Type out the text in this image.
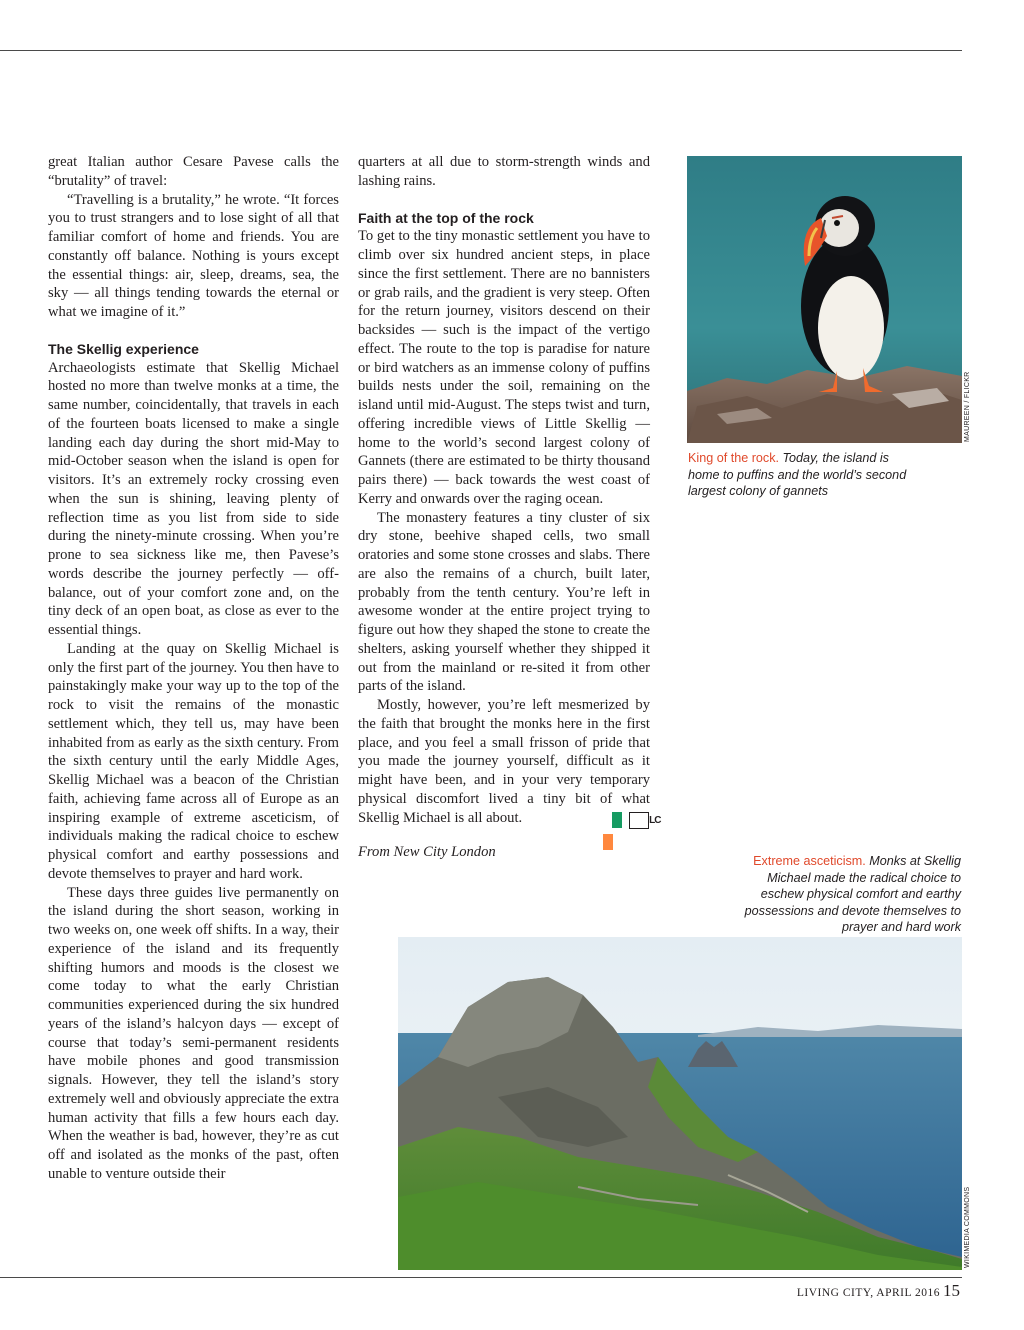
great Italian author Cesare Pavese calls the “brutality” of travel:

“Travelling is a brutality,” he wrote. “It forces you to trust strangers and to lose sight of all that familiar comfort of home and friends. You are constantly off balance. Nothing is yours except the essential things: air, sleep, dreams, sea, the sky — all things tending towards the eternal or what we imagine of it.”

The Skellig experience

Archaeologists estimate that Skellig Michael hosted no more than twelve monks at a time, the same number, coincidentally, that travels in each of the fourteen boats licensed to make a single landing each day during the short mid-May to mid-October season when the island is open for visitors. It’s an extremely rocky crossing even when the sun is shining, leaving plenty of reflection time as you list from side to side during the ninety-minute crossing. When you’re prone to sea sickness like me, then Pavese’s words describe the journey perfectly — off-balance, out of your comfort zone and, on the tiny deck of an open boat, as close as ever to the essential things.

Landing at the quay on Skellig Michael is only the first part of the journey. You then have to painstakingly make your way up to the top of the rock to visit the remains of the monastic settlement which, they tell us, may have been inhabited from as early as the sixth century. From the sixth century until the early Middle Ages, Skellig Michael was a beacon of the Christian faith, achieving fame across all of Europe as an inspiring example of extreme asceticism, of individuals making the radical choice to eschew physical comfort and earthy possessions and devote themselves to prayer and hard work.

These days three guides live permanently on the island during the short season, working in two weeks on, one week off shifts. In a way, their experience of the island and its frequently shifting humors and moods is the closest we come today to what the early Christian communities experienced during the six hundred years of the island’s halcyon days — except of course that today’s semi-permanent residents have mobile phones and good transmission signals. However, they tell the island’s story extremely well and obviously appreciate the extra human activity that fills a few hours each day. When the weather is bad, however, they’re as cut off and isolated as the monks of the past, often unable to venture outside their

quarters at all due to storm-strength winds and lashing rains.

Faith at the top of the rock

To get to the tiny monastic settlement you have to climb over six hundred ancient steps, in place since the first settlement. There are no bannisters or grab rails, and the gradient is very steep. Often for the return journey, visitors descend on their backsides — such is the impact of the vertigo effect. The route to the top is paradise for nature or bird watchers as an immense colony of puffins builds nests under the soil, remaining on the island until mid-August. The steps twist and turn, offering incredible views of Little Skellig — home to the world’s second largest colony of Gannets (there are estimated to be thirty thousand pairs there) — back towards the west coast of Kerry and onwards over the raging ocean.

The monastery features a tiny cluster of six dry stone, beehive shaped cells, two small oratories and some stone crosses and slabs. There are also the remains of a church, built later, probably from the tenth century. You’re left in awesome wonder at the entire project trying to figure out how they shaped the stone to create the shelters, asking yourself whether they shipped it out from the mainland or re-sited it from other parts of the island.

Mostly, however, you’re left mesmerized by the faith that brought the monks here in the first place, and you feel a small frisson of pride that you made the journey yourself, difficult as it might have been, and in your very temporary physical discomfort lived a tiny bit of what Skellig Michael is all about.	LC

From New City London

MAUREEN / FLICKR
King of the rock. Today, the island is home to puffins and the world’s second largest colony of gannets
Extreme asceticism. Monks at Skellig Michael made the radical choice to eschew physical comfort and earthy possessions and devote themselves to prayer and hard work
WIKIMEDIA COMMONS
LIVING CITY, APRIL 2016 15
